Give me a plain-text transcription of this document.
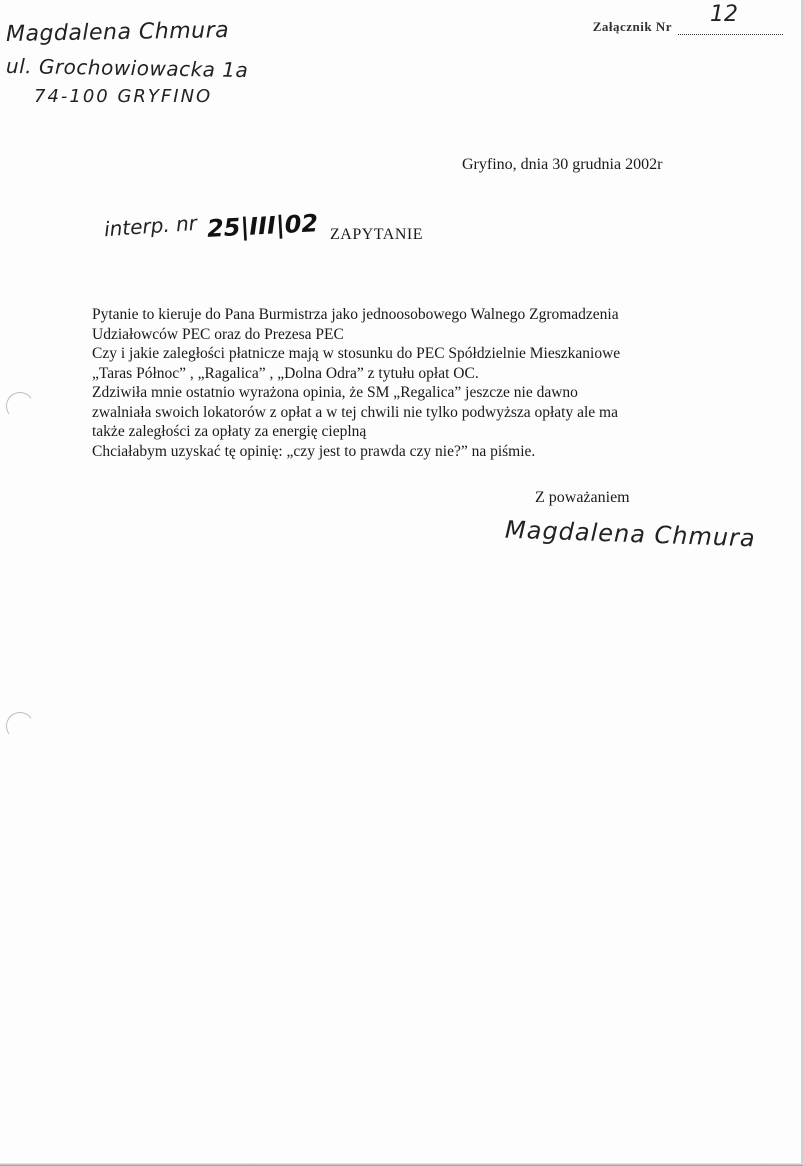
Magdalena Chmura
ul. Grochowiowacka 1a
74-100 GRYFINO
Załącznik Nr 12
Gryfino, dnia 30 grudnia 2002r
interp. nr 25|III|02 ZAPYTANIE
Pytanie to kieruje do Pana Burmistrza jako jednoosobowego Walnego Zgromadzenia
Udziałowców PEC oraz do Prezesa PEC
Czy i jakie zaległości płatnicze mają w stosunku do PEC Spółdzielnie Mieszkaniowe
„Taras Północ” , „Ragalica” , „Dolna Odra” z tytułu opłat OC.
Zdziwiła mnie ostatnio wyrażona opinia, że SM „Regalica” jeszcze nie dawno
zwalniała swoich lokatorów z opłat a w tej chwili nie tylko podwyższa opłaty ale ma
także zaległości za opłaty za energię cieplną
Chciałabym uzyskać tę opinię: „czy jest to prawda czy nie?” na piśmie.
Z poważaniem
Magdalena Chmura
